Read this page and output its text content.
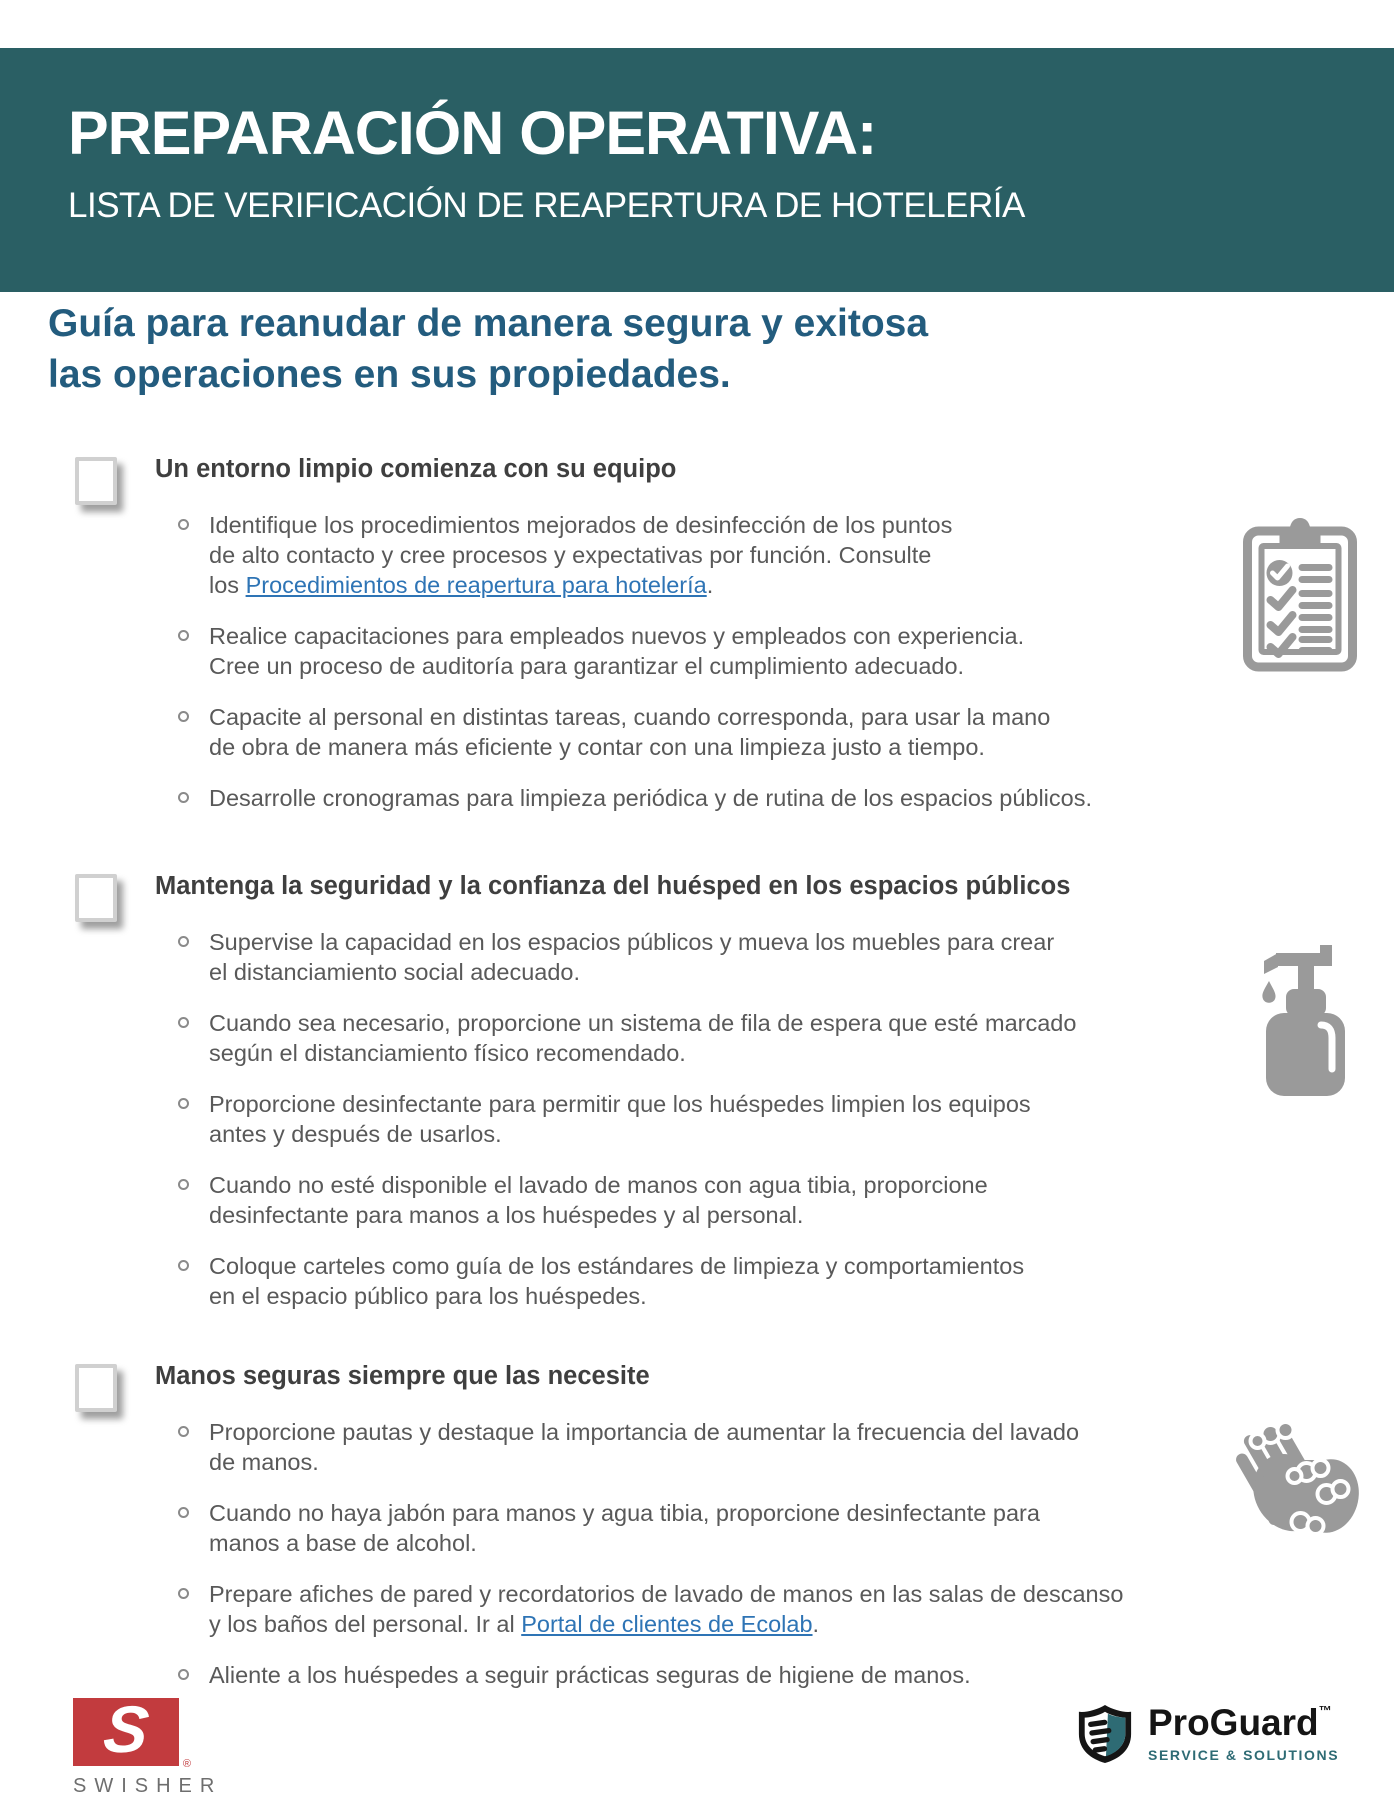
PREPARACIÓN OPERATIVA:
LISTA DE VERIFICACIÓN DE REAPERTURA DE HOTELERÍA
Guía para reanudar de manera segura y exitosa
las operaciones en sus propiedades.
Un entorno limpio comienza con su equipo
Identifique los procedimientos mejorados de desinfección de los puntos
de alto contacto y cree procesos y expectativas por función. Consulte
los Procedimientos de reapertura para hotelería.
Realice capacitaciones para empleados nuevos y empleados con experiencia.
Cree un proceso de auditoría para garantizar el cumplimiento adecuado.
Capacite al personal en distintas tareas, cuando corresponda, para usar la mano
de obra de manera más eficiente y contar con una limpieza justo a tiempo.
Desarrolle cronogramas para limpieza periódica y de rutina de los espacios públicos.
Mantenga la seguridad y la confianza del huésped en los espacios públicos
Supervise la capacidad en los espacios públicos y mueva los muebles para crear
el distanciamiento social adecuado.
Cuando sea necesario, proporcione un sistema de fila de espera que esté marcado
según el distanciamiento físico recomendado.
Proporcione desinfectante para permitir que los huéspedes limpien los equipos
antes y después de usarlos.
Cuando no esté disponible el lavado de manos con agua tibia, proporcione
desinfectante para manos a los huéspedes y al personal.
Coloque carteles como guía de los estándares de limpieza y comportamientos
en el espacio público para los huéspedes.
Manos seguras siempre que las necesite
Proporcione pautas y destaque la importancia de aumentar la frecuencia del lavado
de manos.
Cuando no haya jabón para manos y agua tibia, proporcione desinfectante para
manos a base de alcohol.
Prepare afiches de pared y recordatorios de lavado de manos en las salas de descanso
y los baños del personal. Ir al Portal de clientes de Ecolab.
Aliente a los huéspedes a seguir prácticas seguras de higiene de manos.
S	®
SWISHER
ProGuard™
SERVICE & SOLUTIONS
